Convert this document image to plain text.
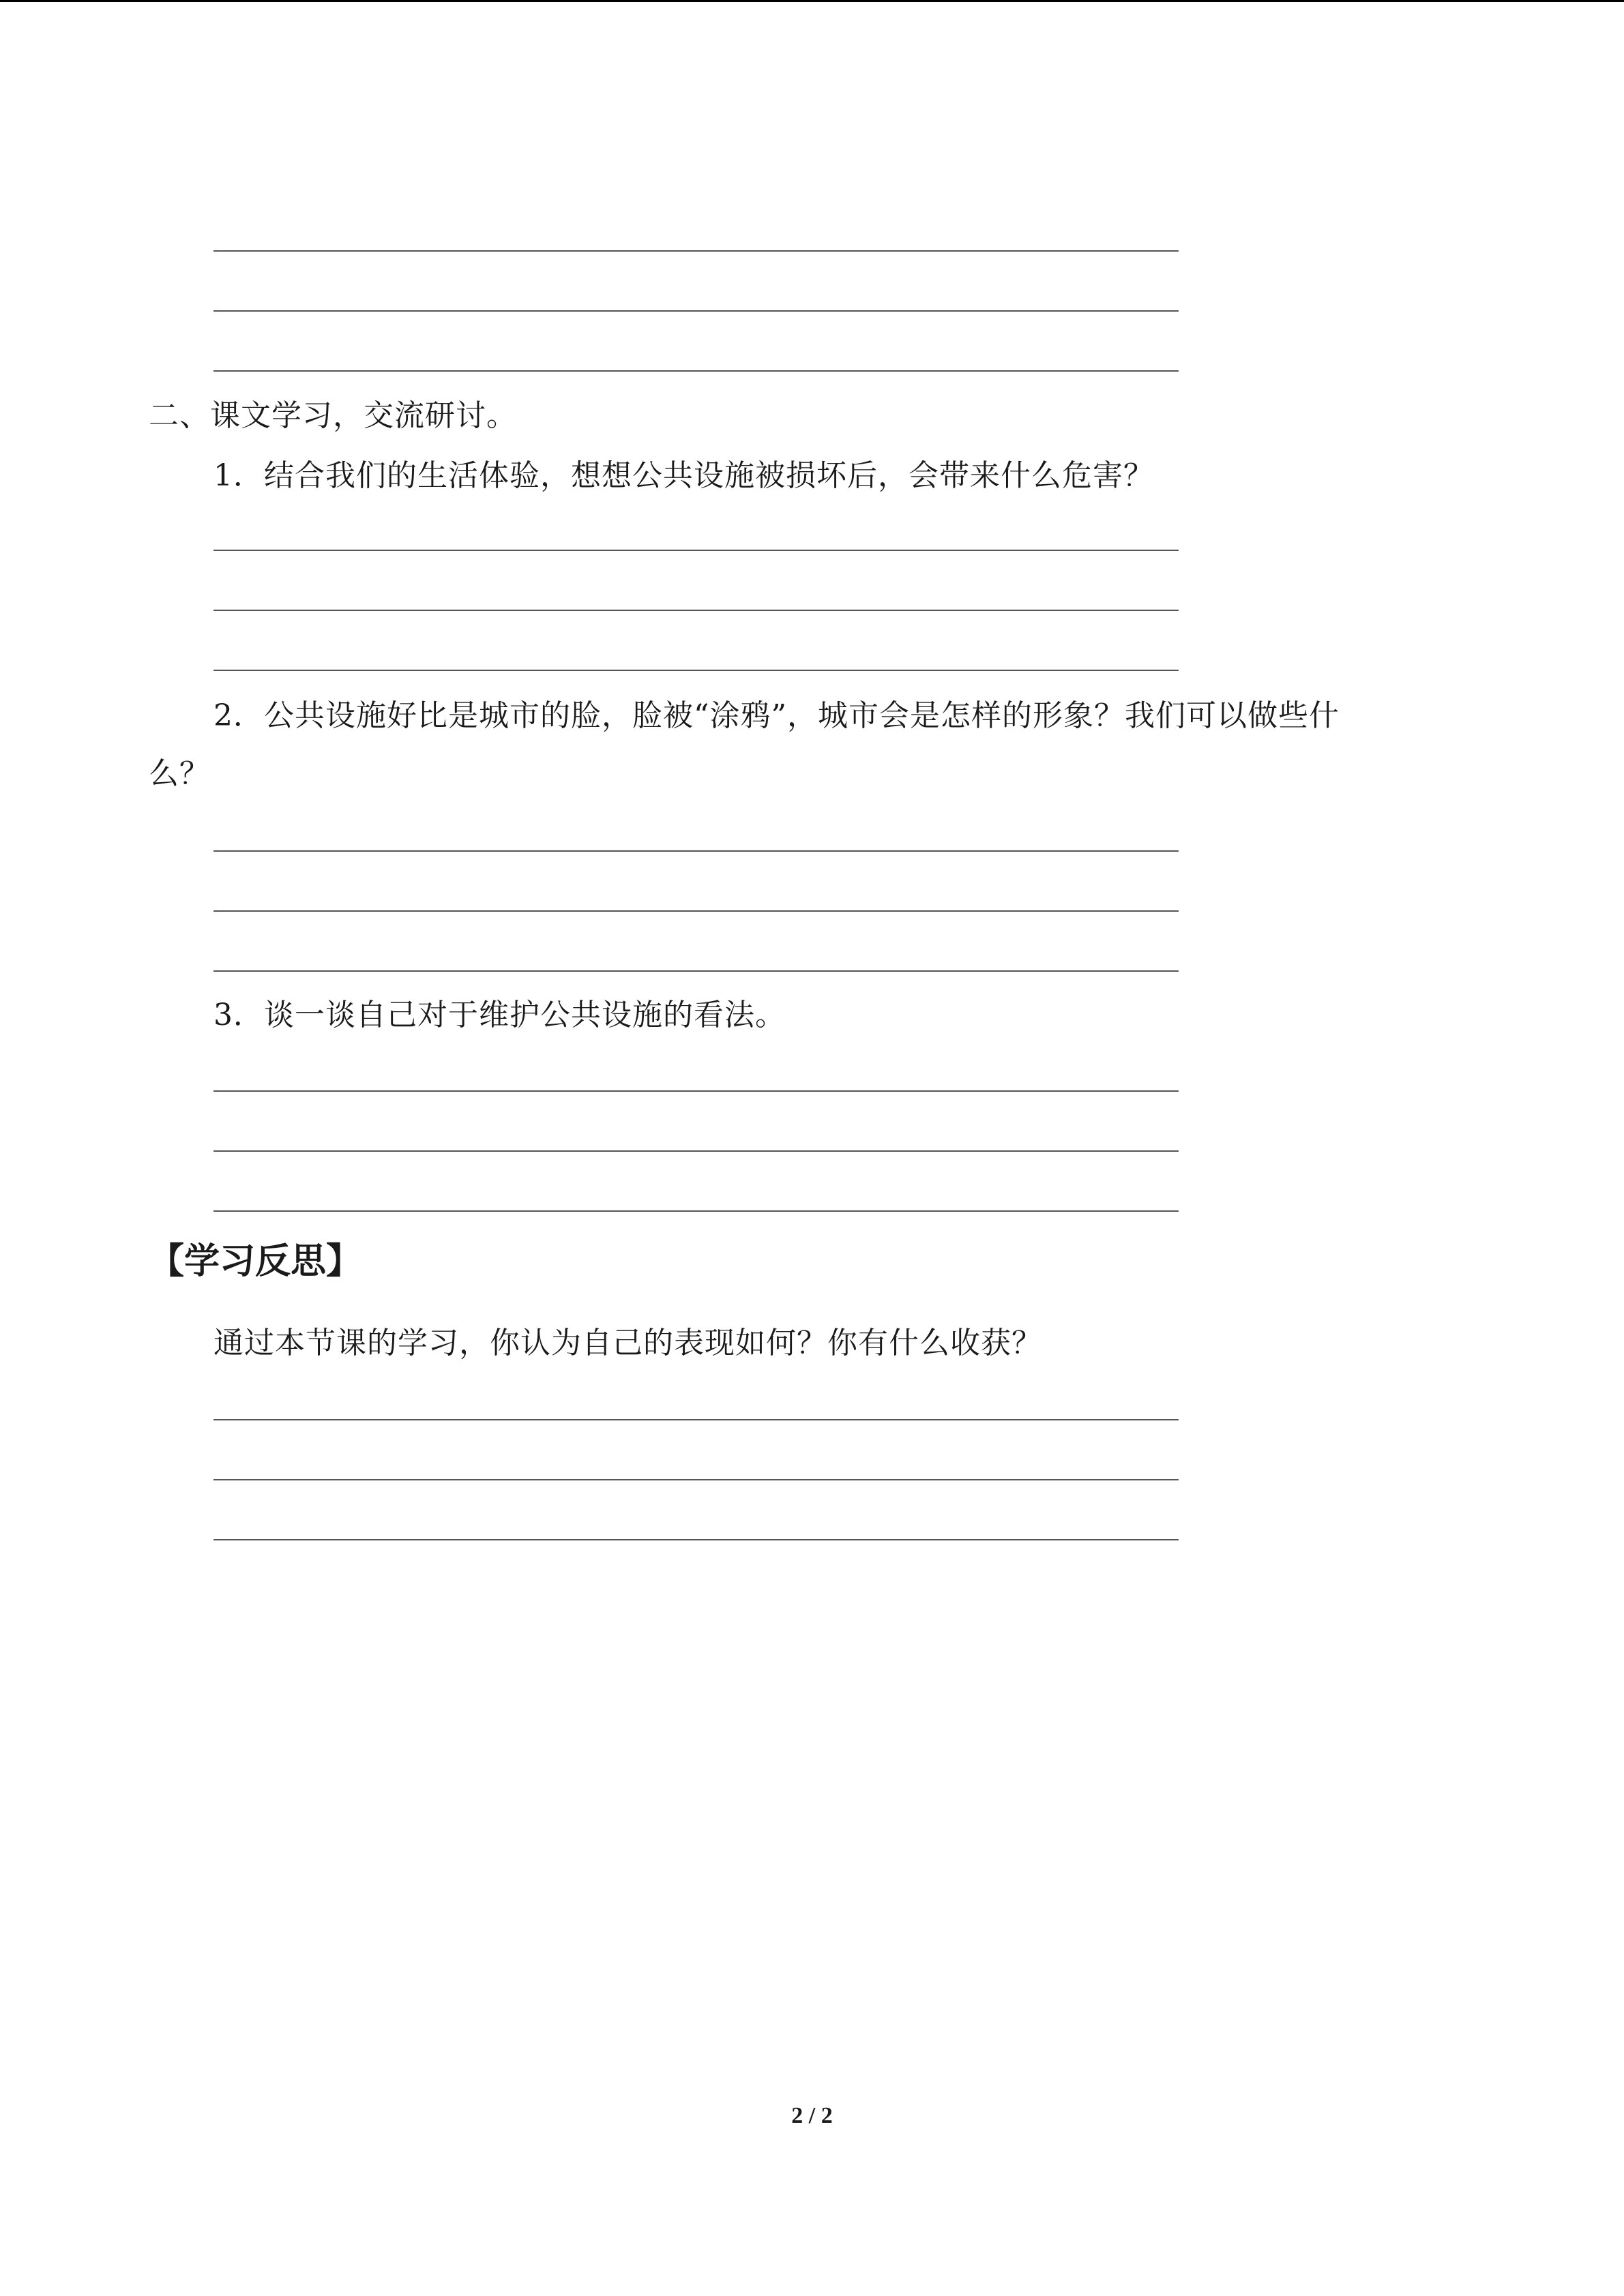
二、课文学习，交流研讨。
1．结合我们的生活体验，想想公共设施被损坏后，会带来什么危害？
2．公共设施好比是城市的脸，脸被“涂鸦”，城市会是怎样的形象？我们可以做些什
么？
3．谈一谈自己对于维护公共设施的看法。
【学习反思】
通过本节课的学习，你认为自己的表现如何？你有什么收获？
2 / 2
